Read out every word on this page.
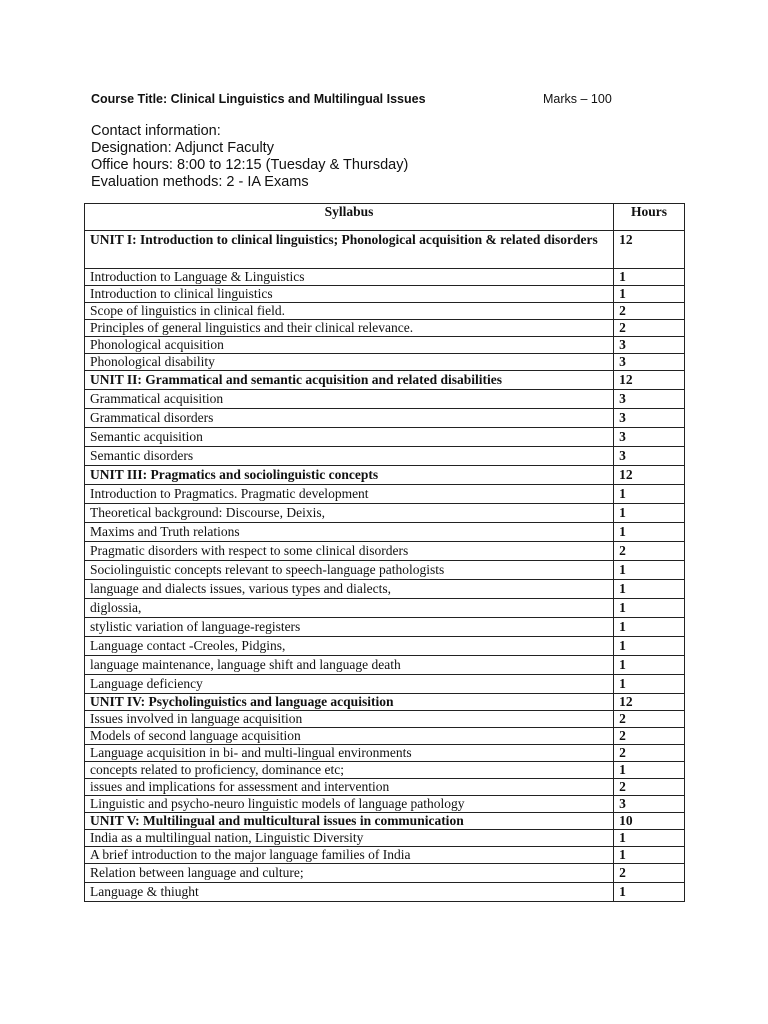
Course Title: Clinical Linguistics and Multilingual Issues	Marks – 100
Contact information:
Designation: Adjunct Faculty
Office hours: 8:00 to 12:15 (Tuesday & Thursday)
Evaluation methods: 2 - IA Exams
Syllabus	Hours
UNIT I: Introduction to clinical linguistics; Phonological acquisition & related disorders	12
Introduction to Language & Linguistics	1
Introduction to clinical linguistics	1
Scope of linguistics in clinical field.	2
Principles of general linguistics and their clinical relevance.	2
Phonological acquisition	3
Phonological disability	3
UNIT II: Grammatical and semantic acquisition and related disabilities	12
Grammatical acquisition	3
Grammatical disorders	3
Semantic acquisition	3
Semantic disorders	3
UNIT III: Pragmatics and sociolinguistic concepts	12
Introduction to Pragmatics. Pragmatic development	1
Theoretical background: Discourse, Deixis,	1
Maxims and Truth relations	1
Pragmatic disorders with respect to some clinical disorders	2
Sociolinguistic concepts relevant to speech-language pathologists	1
language and dialects issues, various types and dialects,	1
diglossia,	1
stylistic variation of language-registers	1
Language contact -Creoles, Pidgins,	1
language maintenance, language shift and language death	1
Language deficiency	1
UNIT IV: Psycholinguistics and language acquisition	12
Issues involved in language acquisition	2
Models of second language acquisition	2
Language acquisition in bi- and multi-lingual environments	2
concepts related to proficiency, dominance etc;	1
issues and implications for assessment and intervention	2
Linguistic and psycho-neuro linguistic models of language pathology	3
UNIT V: Multilingual and multicultural issues in communication	10
India as a multilingual nation, Linguistic Diversity	1
A brief introduction to the major language families of India	1
Relation between language and culture;	2
Language & thiught	1
